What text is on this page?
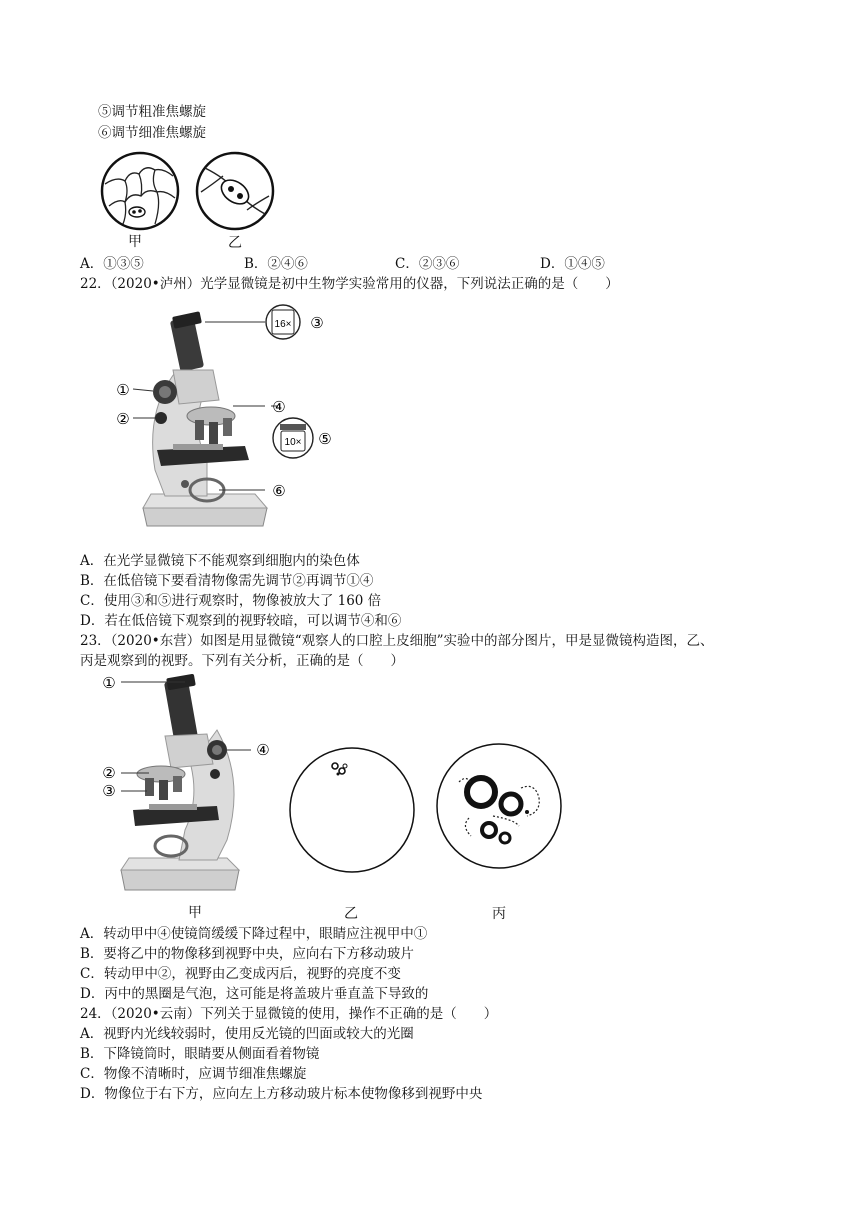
⑤调节粗准焦螺旋
⑥调节细准焦螺旋
甲	乙
A．①③⑤	B．②④⑥	C．②③⑥	D．①④⑤
22．（2020•泸州）光学显微镜是初中生物学实验常用的仪器，下列说法正确的是（　　）
16×
10×
①
②
③
④
⑤
⑥
A．在光学显微镜下不能观察到细胞内的染色体
B．在低倍镜下要看清物像需先调节②再调节①④
C．使用③和⑤进行观察时，物像被放大了 160 倍
D．若在低倍镜下观察到的视野较暗，可以调节④和⑥
23．（2020•东营）如图是用显微镜“观察人的口腔上皮细胞”实验中的部分图片，甲是显微镜构造图，乙、
丙是观察到的视野。下列有关分析，正确的是（　　）
①
②
③
④
甲	乙	丙
A．转动甲中④使镜筒缓缓下降过程中，眼睛应注视甲中①
B．要将乙中的物像移到视野中央，应向右下方移动玻片
C．转动甲中②，视野由乙变成丙后，视野的亮度不变
D．丙中的黑圈是气泡，这可能是将盖玻片垂直盖下导致的
24．（2020•云南）下列关于显微镜的使用，操作不正确的是（　　）
A．视野内光线较弱时，使用反光镜的凹面或较大的光圈
B．下降镜筒时，眼睛要从侧面看着物镜
C．物像不清晰时，应调节细准焦螺旋
D．物像位于右下方，应向左上方移动玻片标本使物像移到视野中央
